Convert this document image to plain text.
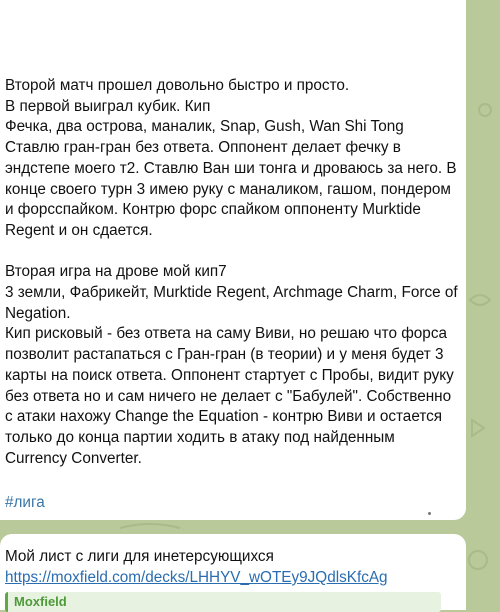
Второй матч прошел довольно быстро и просто.
В первой выиграл кубик. Кип
Фечка, два острова, маналик, Snap, Gush, Wan Shi Tong
Ставлю гран-гран без ответа. Оппонент делает фечку в эндстепе моего т2. Ставлю Ван ши тонга и дроваюсь за него. В конце своего турн 3 имею руку с маналиком, гашом, пондером и форсспайком. Контрю форс спайком оппоненту Murktide Regent и он сдается.
Вторая игра на дрове мой кип7
3 земли, Фабрикейт, Murktide Regent, Archmage Charm, Force of Negation.
Кип рисковый - без ответа на саму Виви, но решаю что форса позволит растапаться с Гран-гран (в теории) и у меня будет 3 карты на поиск ответа. Оппонент стартует с Пробы, видит руку без ответа но и сам ничего не делает с "Бабулей". Собственно с атаки нахожу Change the Equation - контрю Виви и остается только до конца партии ходить в атаку под найденным Currency Converter.
#лига
Мой лист с лиги для инетерсующихся
https://moxfield.com/decks/LHHYV_wOTEy9JQdlsKfcAg
Moxfield
